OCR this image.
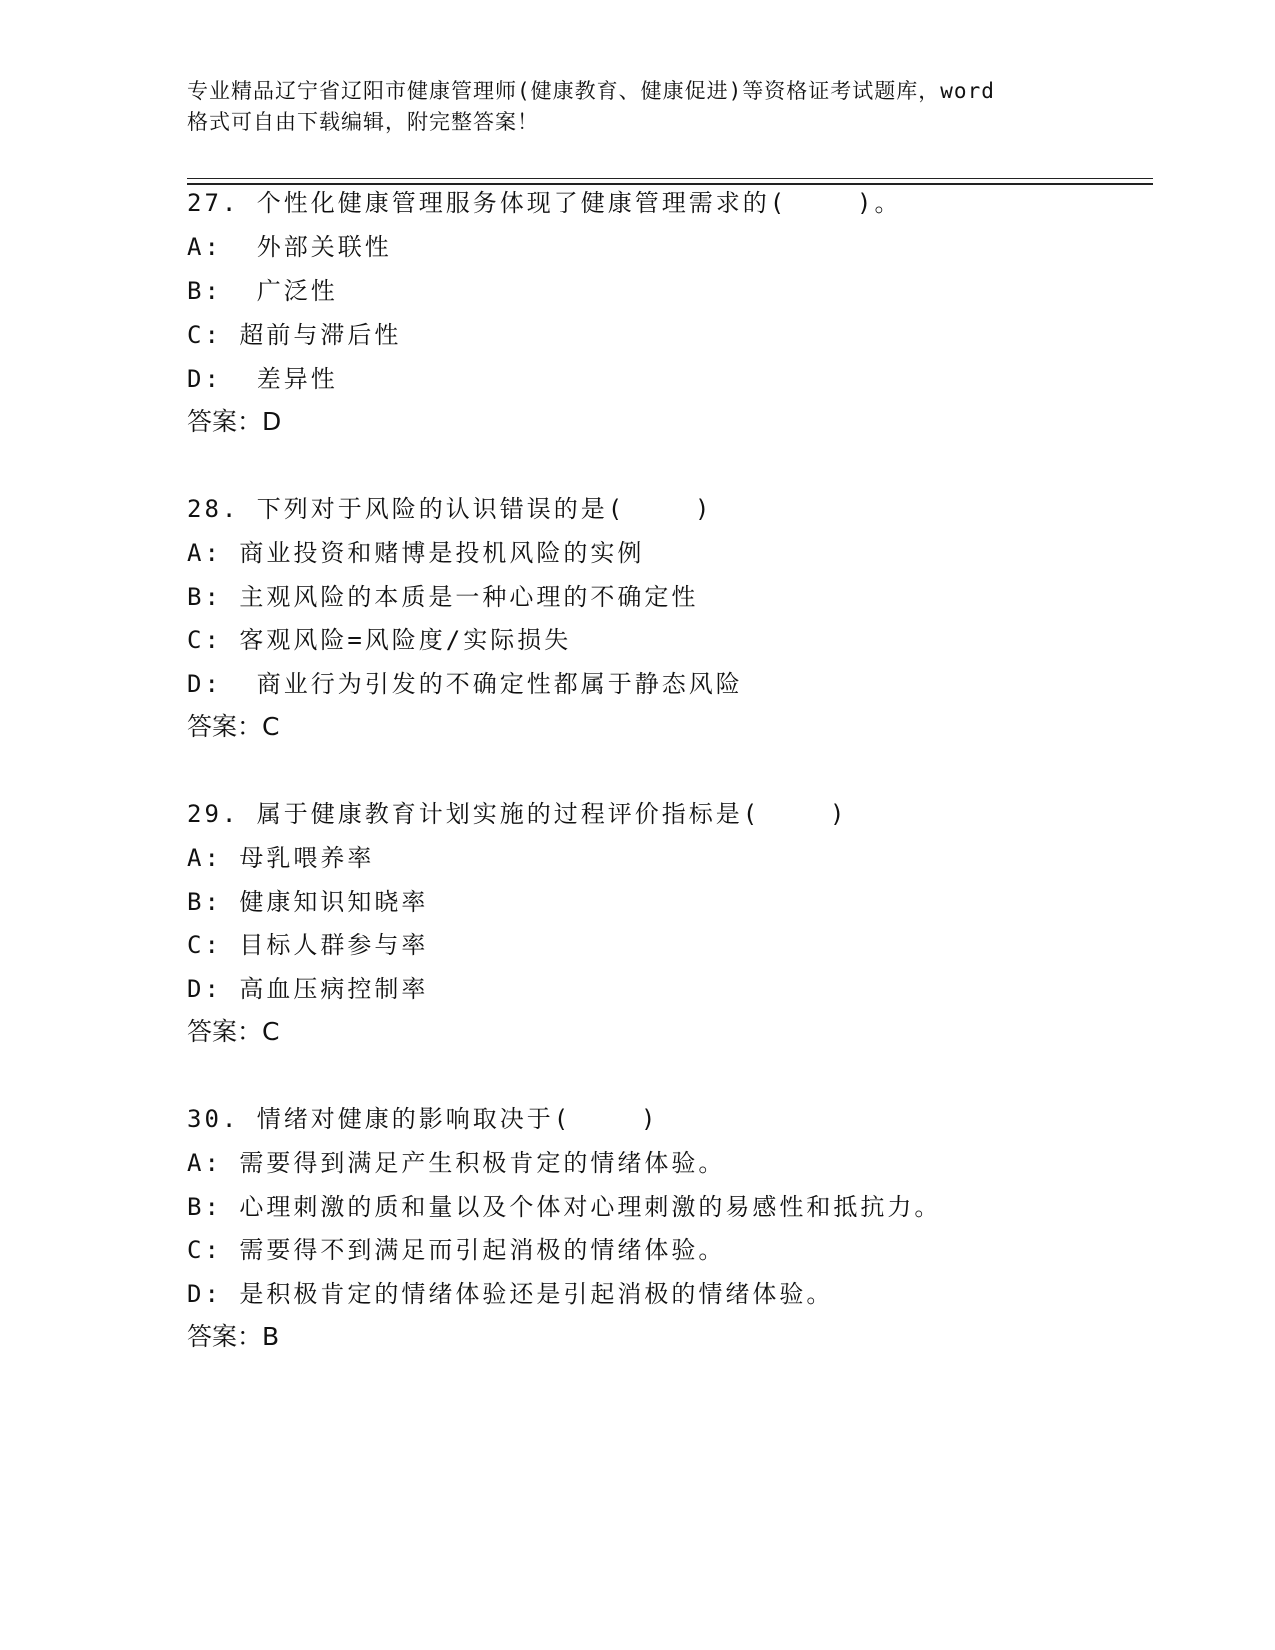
专业精品辽宁省辽阳市健康管理师(健康教育、健康促进)等资格证考试题库，word
格式可自由下载编辑，附完整答案！
27. 个性化健康管理服务体现了健康管理需求的(    )。
A:  外部关联性
B:  广泛性
C: 超前与滞后性
D:  差异性
答案：D
28. 下列对于风险的认识错误的是(    )
A: 商业投资和赌博是投机风险的实例
B: 主观风险的本质是一种心理的不确定性
C: 客观风险=风险度/实际损失
D:  商业行为引发的不确定性都属于静态风险
答案：C
29. 属于健康教育计划实施的过程评价指标是(    )
A: 母乳喂养率
B: 健康知识知晓率
C: 目标人群参与率
D: 高血压病控制率
答案：C
30. 情绪对健康的影响取决于(    )
A: 需要得到满足产生积极肯定的情绪体验。
B: 心理刺激的质和量以及个体对心理刺激的易感性和抵抗力。
C: 需要得不到满足而引起消极的情绪体验。
D: 是积极肯定的情绪体验还是引起消极的情绪体验。
答案：B
